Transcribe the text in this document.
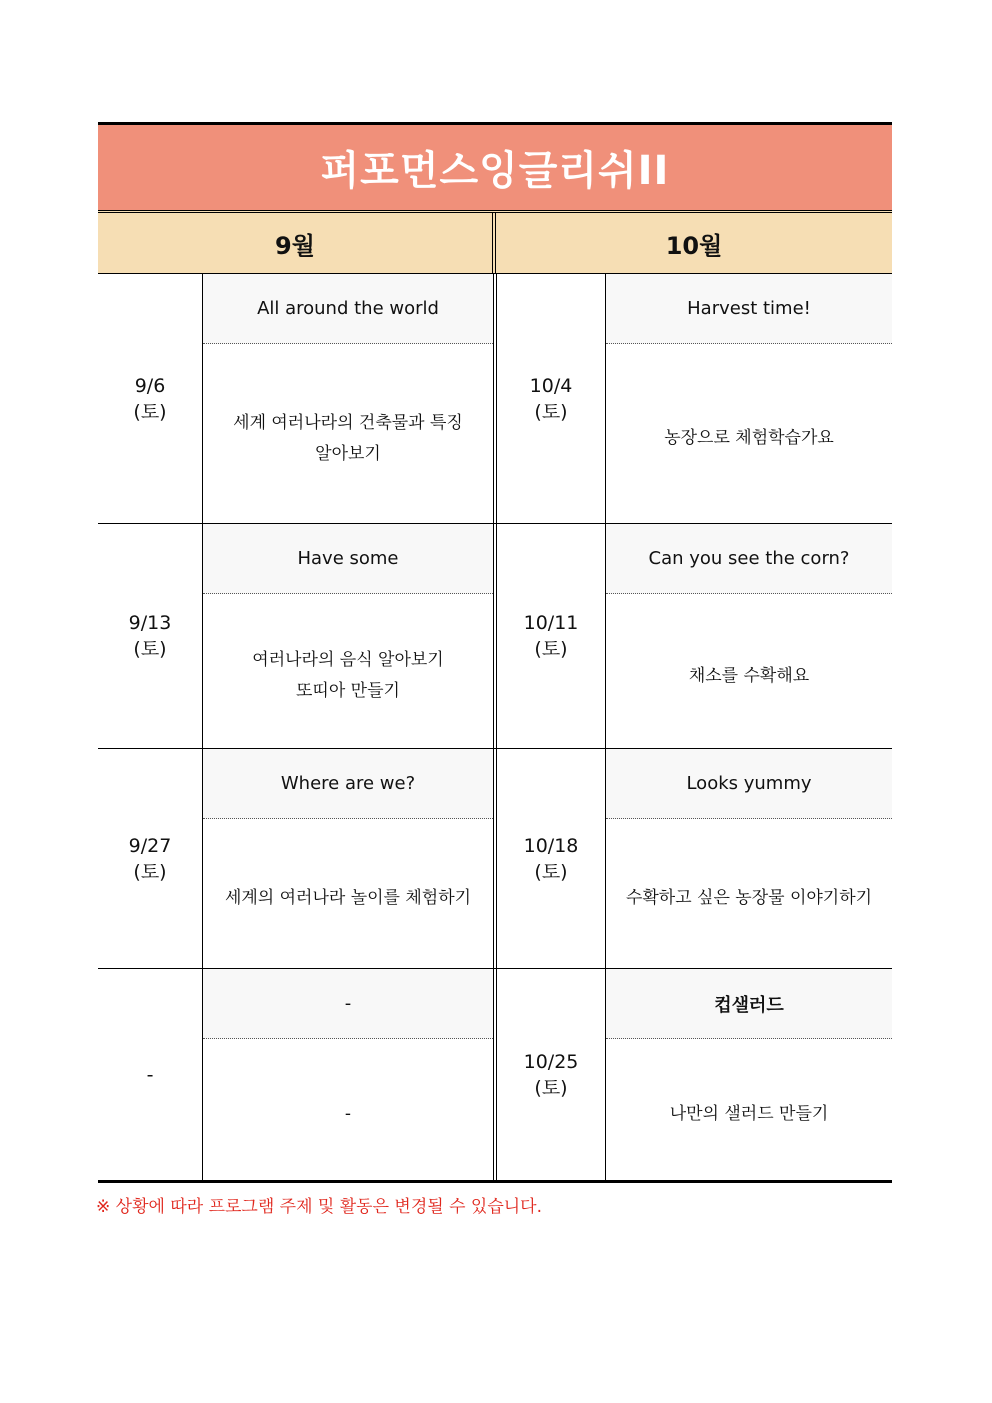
퍼포먼스잉글리쉬II
9월	10월
9/6
(토)
All around the world
세계 여러나라의 건축물과 특징
알아보기
10/4
(토)
Harvest time!
농장으로 체험학습가요
9/13
(토)
Have some
여러나라의 음식 알아보기
또띠아 만들기
10/11
(토)
Can you see the corn?
채소를 수확해요
9/27
(토)
Where are we?
세계의 여러나라 놀이를 체험하기
10/18
(토)
Looks yummy
수확하고 싶은 농장물 이야기하기
-
-
-
10/25
(토)
컵샐러드
나만의 샐러드 만들기
※ 상황에 따라 프로그램 주제 및 활동은 변경될 수 있습니다.
